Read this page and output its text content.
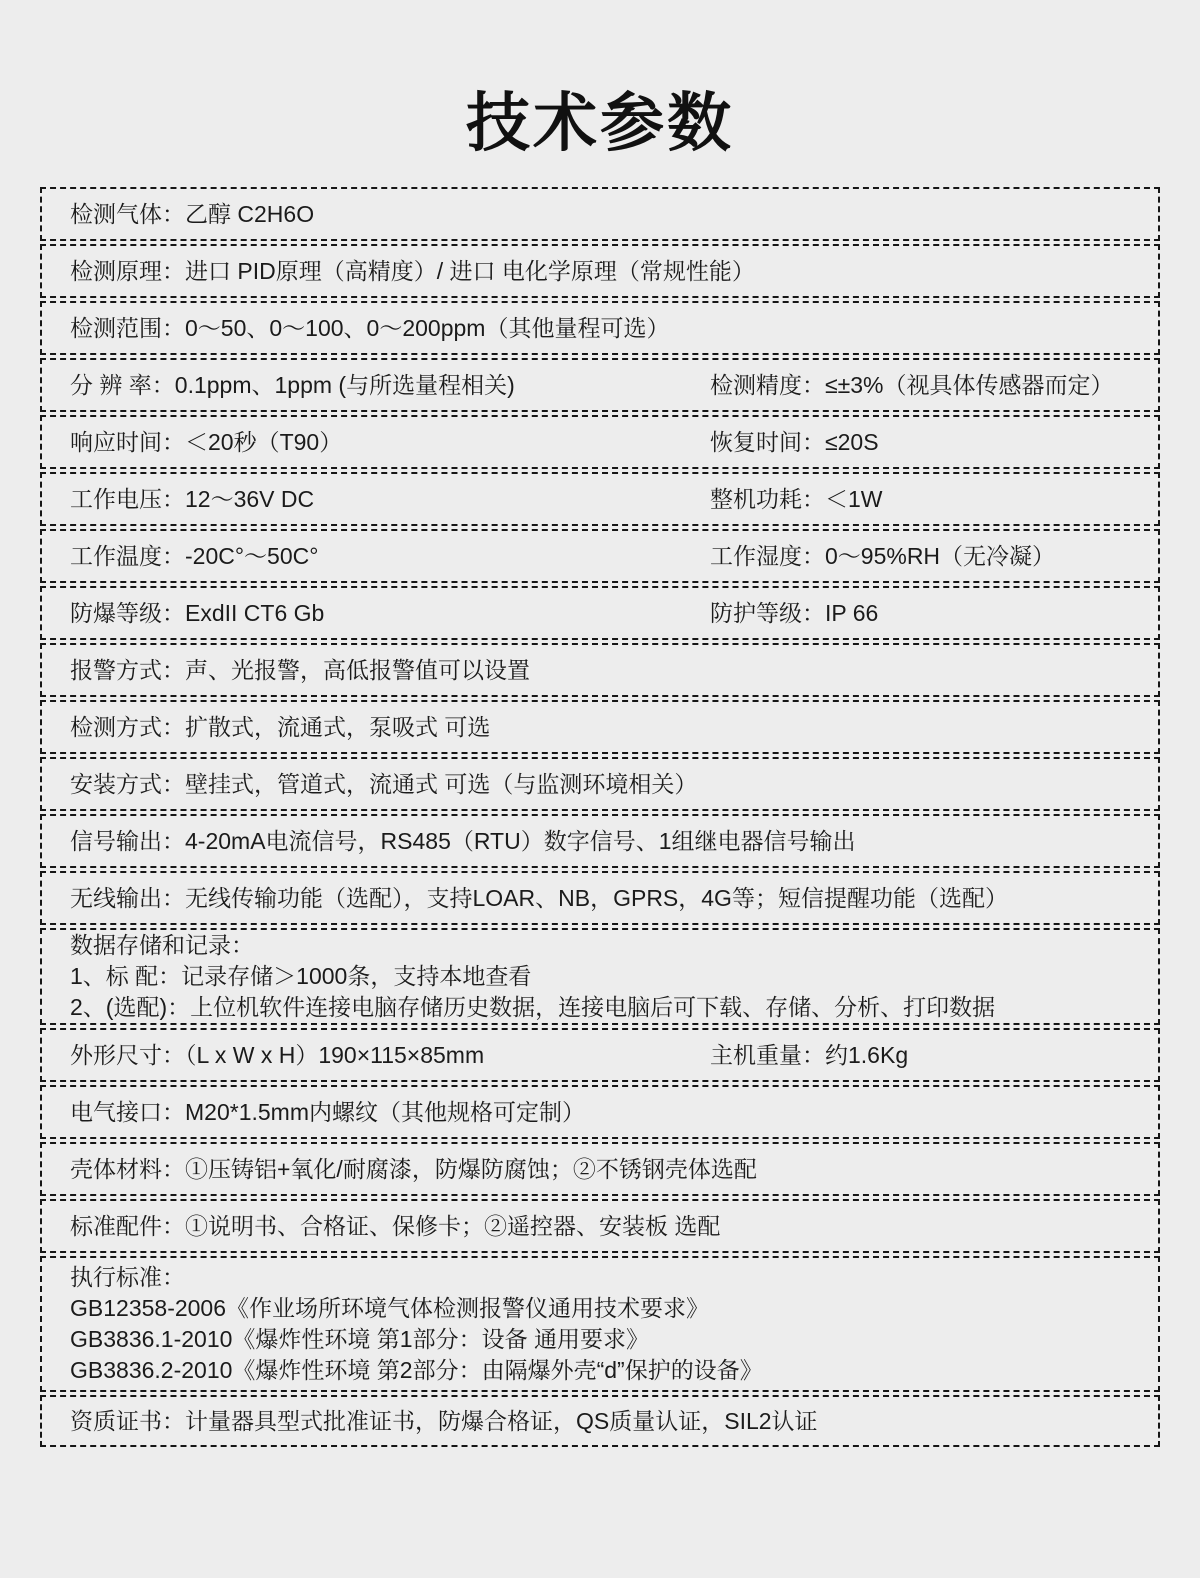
技术参数
检测气体：乙醇 C2H6O
检测原理：进口 PID原理（高精度）/ 进口 电化学原理（常规性能）
检测范围：0～50、0～100、0～200ppm（其他量程可选）
分 辨 率：0.1ppm、1ppm (与所选量程相关)	检测精度：≤±3%（视具体传感器而定）
响应时间：＜20秒（T90）	恢复时间：≤20S
工作电压：12～36V DC	整机功耗：＜1W
工作温度：-20C°～50C°	工作湿度：0～95%RH（无冷凝）
防爆等级：ExdII CT6 Gb	防护等级：IP 66
报警方式：声、光报警，高低报警值可以设置
检测方式：扩散式，流通式，泵吸式 可选
安装方式：壁挂式，管道式，流通式 可选（与监测环境相关）
信号输出：4-20mA电流信号，RS485（RTU）数字信号、1组继电器信号输出
无线输出：无线传输功能（选配），支持LOAR、NB，GPRS，4G等；短信提醒功能（选配）
数据存储和记录：
1、标 配：记录存储＞1000条，支持本地查看
2、(选配)：上位机软件连接电脑存储历史数据，连接电脑后可下载、存储、分析、打印数据
外形尺寸：（L x W x H）190×115×85mm	主机重量：约1.6Kg
电气接口：M20*1.5mm内螺纹（其他规格可定制）
壳体材料：①压铸铝+氧化/耐腐漆，防爆防腐蚀；②不锈钢壳体选配
标准配件：①说明书、合格证、保修卡；②遥控器、安装板 选配
执行标准：
GB12358-2006《作业场所环境气体检测报警仪通用技术要求》
GB3836.1-2010《爆炸性环境 第1部分：设备 通用要求》
GB3836.2-2010《爆炸性环境 第2部分：由隔爆外壳“d”保护的设备》
资质证书：计量器具型式批准证书，防爆合格证，QS质量认证，SIL2认证
